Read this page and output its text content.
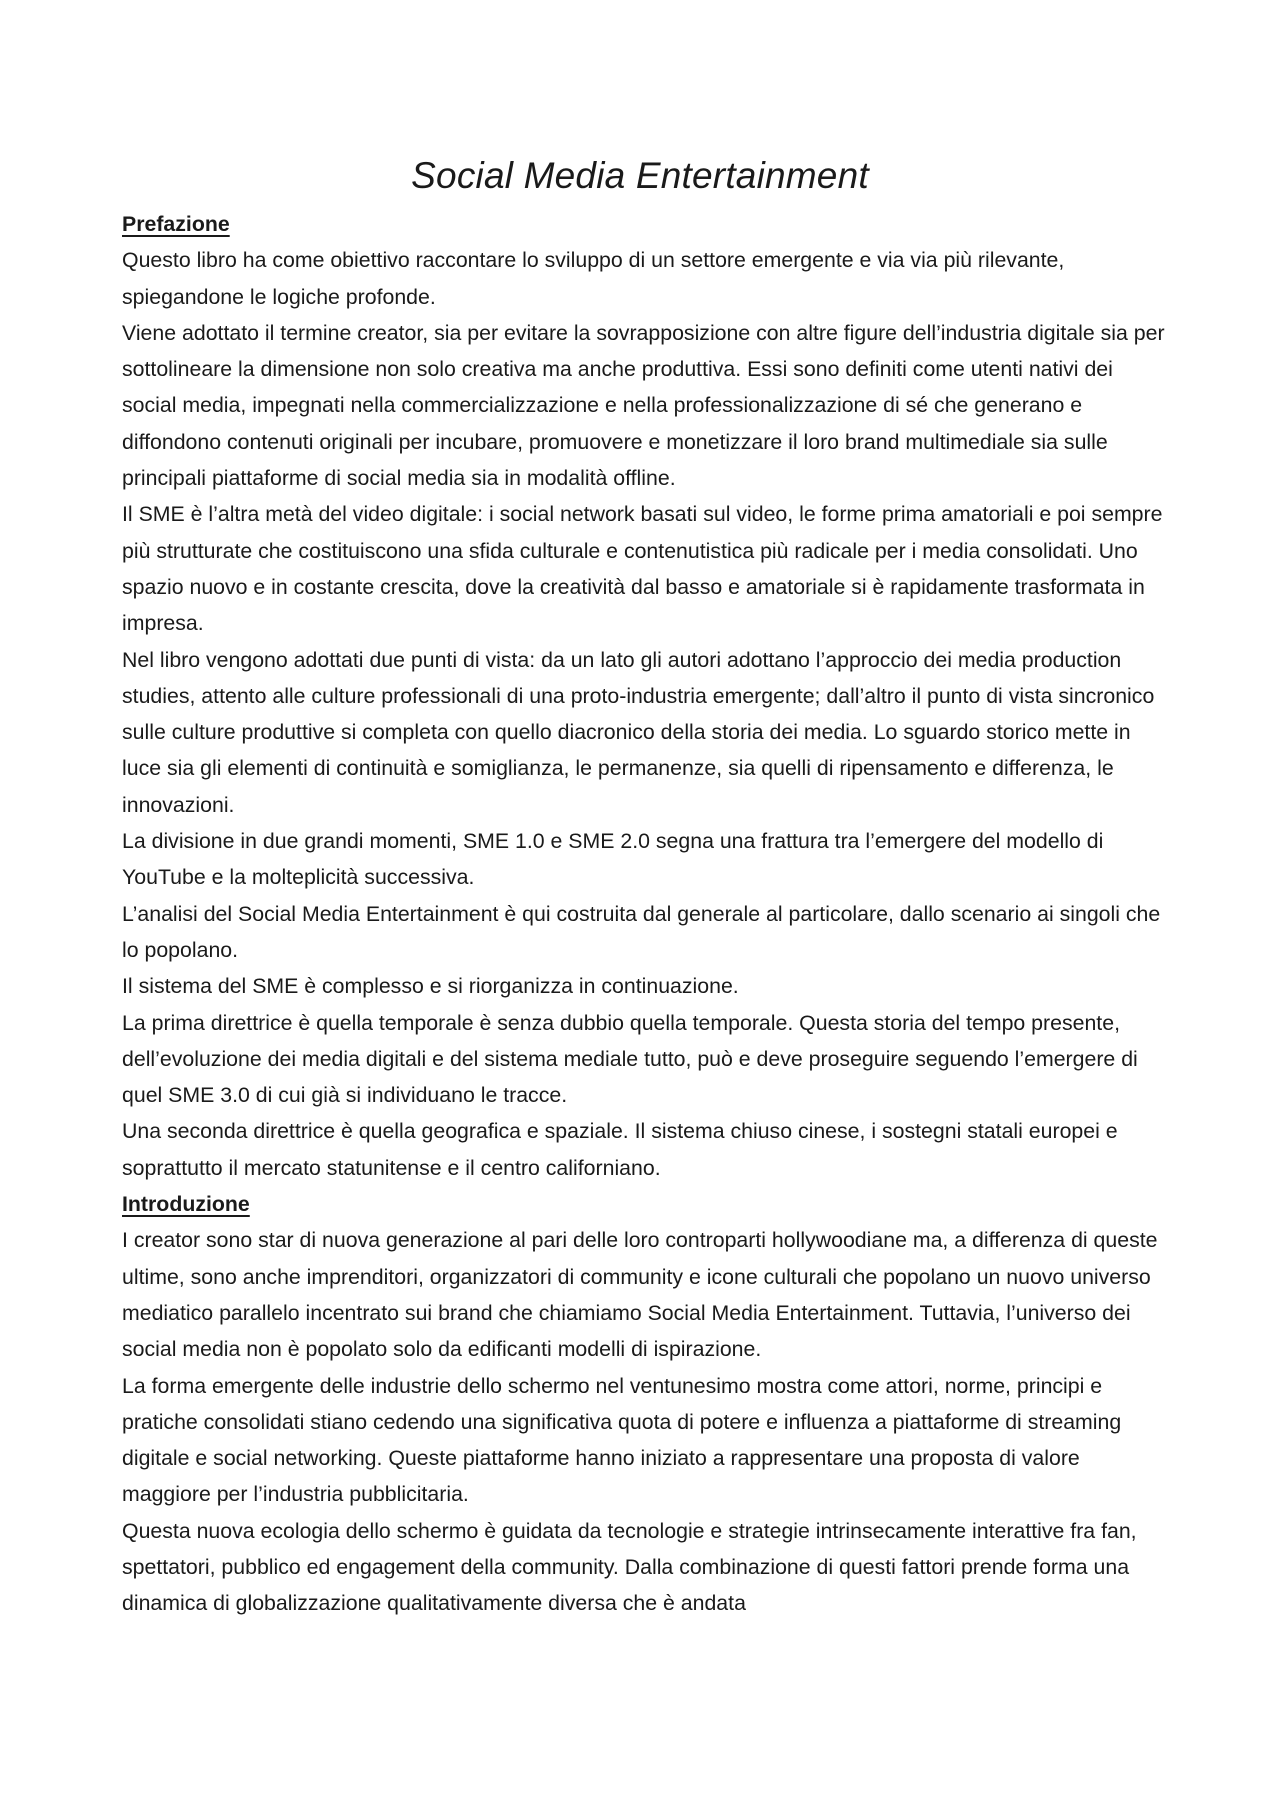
Social Media Entertainment

Prefazione

Questo libro ha come obiettivo raccontare lo sviluppo di un settore emergente e via via più rilevante, spiegandone le logiche profonde.

Viene adottato il termine creator, sia per evitare la sovrapposizione con altre figure dell’industria digitale sia per sottolineare la dimensione non solo creativa ma anche produttiva. Essi sono definiti come utenti nativi dei social media, impegnati nella commercializzazione e nella professionalizzazione di sé che generano e diffondono contenuti originali per incubare, promuovere e monetizzare il loro brand multimediale sia sulle principali piattaforme di social media sia in modalità offline.

Il SME è l’altra metà del video digitale: i social network basati sul video, le forme prima amatoriali e poi sempre più strutturate che costituiscono una sfida culturale e contenutistica più radicale per i media consolidati. Uno spazio nuovo e in costante crescita, dove la creatività dal basso e amatoriale si è rapidamente trasformata in impresa.

Nel libro vengono adottati due punti di vista: da un lato gli autori adottano l’approccio dei media production studies, attento alle culture professionali di una proto-industria emergente; dall’altro il punto di vista sincronico sulle culture produttive si completa con quello diacronico della storia dei media. Lo sguardo storico mette in luce sia gli elementi di continuità e somiglianza, le permanenze, sia quelli di ripensamento e differenza, le innovazioni.

La divisione in due grandi momenti, SME 1.0 e SME 2.0 segna una frattura tra l’emergere del modello di YouTube e la molteplicità successiva.

L’analisi del Social Media Entertainment è qui costruita dal generale al particolare, dallo scenario ai singoli che lo popolano.

Il sistema del SME è complesso e si riorganizza in continuazione.

La prima direttrice è quella temporale è senza dubbio quella temporale. Questa storia del tempo presente, dell’evoluzione dei media digitali e del sistema mediale tutto, può e deve proseguire seguendo l’emergere di quel SME 3.0 di cui già si individuano le tracce.

Una seconda direttrice è quella geografica e spaziale. Il sistema chiuso cinese, i sostegni statali europei e soprattutto il mercato statunitense e il centro californiano.

Introduzione

I creator sono star di nuova generazione al pari delle loro controparti hollywoodiane ma, a differenza di queste ultime, sono anche imprenditori, organizzatori di community e icone culturali che popolano un nuovo universo mediatico parallelo incentrato sui brand che chiamiamo Social Media Entertainment. Tuttavia, l’universo dei social media non è popolato solo da edificanti modelli di ispirazione.

La forma emergente delle industrie dello schermo nel ventunesimo mostra come attori, norme, principi e pratiche consolidati stiano cedendo una significativa quota di potere e influenza a piattaforme di streaming digitale e social networking. Queste piattaforme hanno iniziato a rappresentare una proposta di valore maggiore per l’industria pubblicitaria.

Questa nuova ecologia dello schermo è guidata da tecnologie e strategie intrinsecamente interattive fra fan, spettatori, pubblico ed engagement della community. Dalla combinazione di questi fattori prende forma una dinamica di globalizzazione qualitativamente diversa che è andata
